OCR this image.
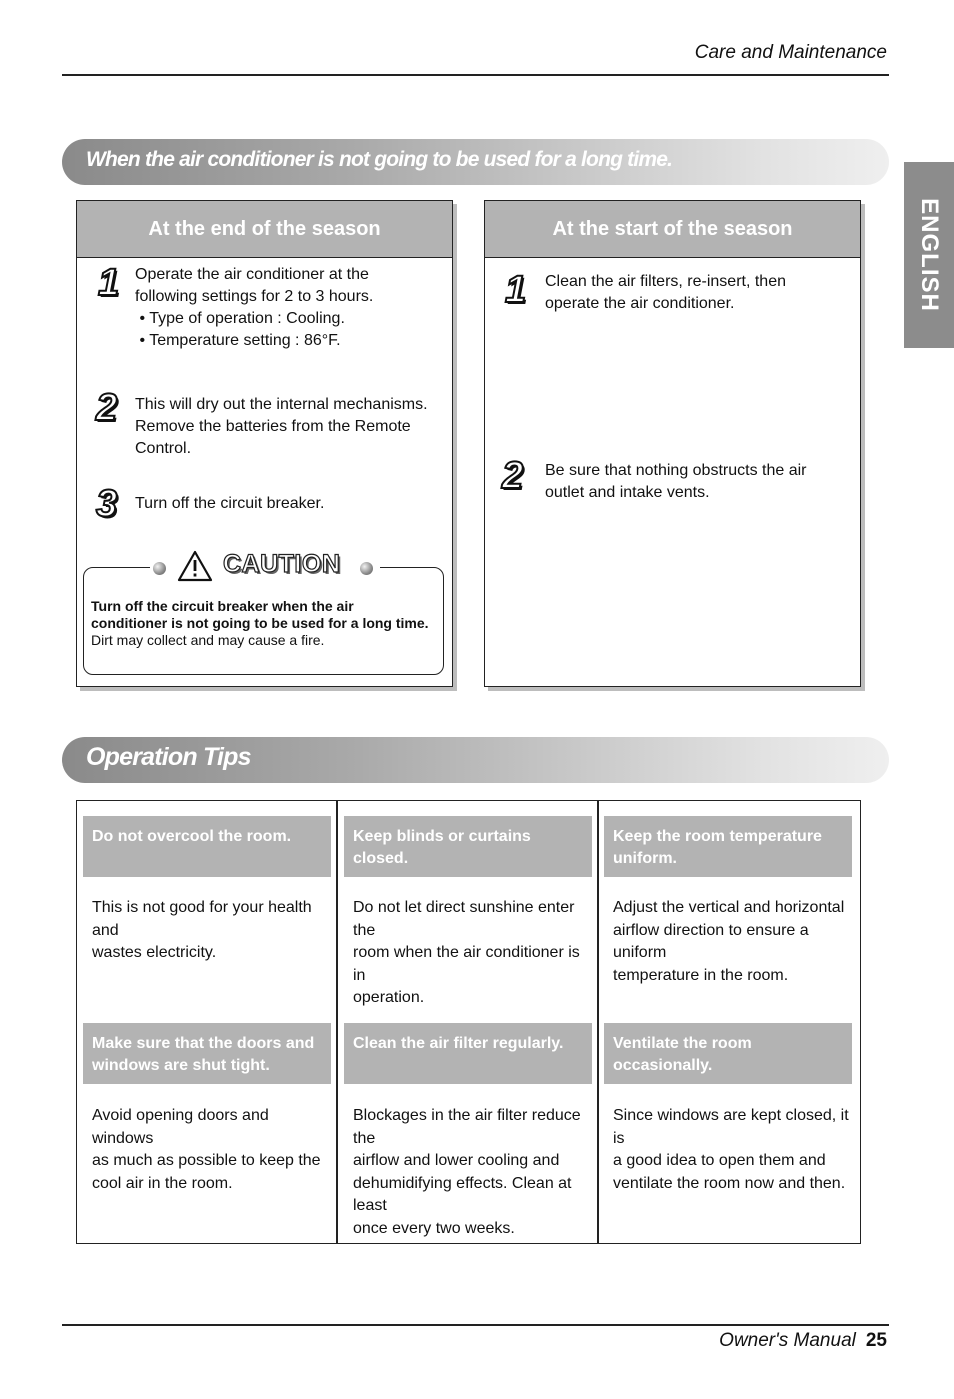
Care and Maintenance
ENGLISH
When the air conditioner is not going to be used for a long time.
At the end of the season
1 Operate the air conditioner at the
following settings for 2 to 3 hours.
• Type of operation : Cooling.
• Temperature setting : 86°F.
2 This will dry out the internal mechanisms.
Remove the batteries from the Remote
Control.
3 Turn off the circuit breaker.
CAUTION
Turn off the circuit breaker when the air
conditioner is not going to be used for a long time.
Dirt may collect and may cause a fire.
At the start of the season
1 Clean the air filters, re-insert, then
operate the air conditioner.
2 Be sure that nothing obstructs the air
outlet and intake vents.
Operation Tips
Do not overcool the room.
This is not good for your health and
wastes electricity.
Keep blinds or curtains closed.
Do not let direct sunshine enter the
room when the air conditioner is in
operation.
Keep the room temperature
uniform.
Adjust the vertical and horizontal
airflow direction to ensure a uniform
temperature in the room.
Make sure that the doors and
windows are shut tight.
Avoid opening doors and windows
as much as possible to keep the
cool air in the room.
Clean the air filter regularly.
Blockages in the air filter reduce the
airflow and lower cooling and
dehumidifying effects. Clean at least
once every two weeks.
Ventilate the room occasionally.
Since windows are kept closed, it is
a good idea to open them and
ventilate the room now and then.
Owner's Manual 25
